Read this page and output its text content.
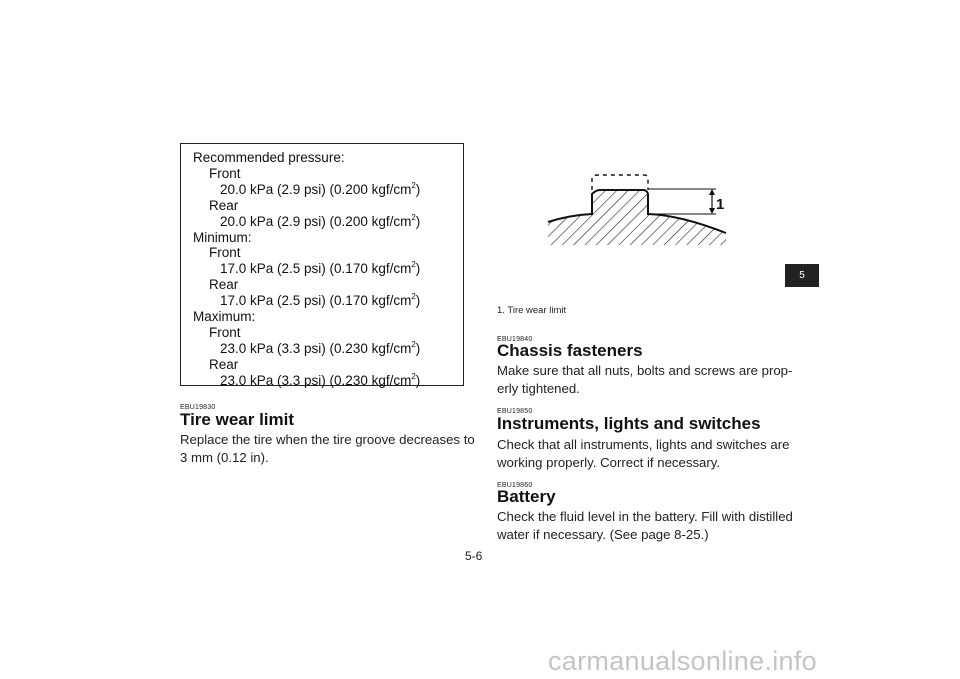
Recommended pressure:
Front
20.0 kPa (2.9 psi) (0.200 kgf/$cm^2$)
Rear
20.0 kPa (2.9 psi) (0.200 kgf/$cm^2$)
Minimum:
Front
17.0 kPa (2.5 psi) (0.170 kgf/$cm^2$)
Rear
17.0 kPa (2.5 psi) (0.170 kgf/$cm^2$)
Maximum:
Front
23.0 kPa (3.3 psi) (0.230 kgf/$cm^2$)
Rear
23.0 kPa (3.3 psi) (0.230 kgf/$cm^2$)
EBU19830
Tire wear limit
Replace the tire when the tire groove decreases to
3 mm (0.12 in).
1
1. Tire wear limit
EBU19840
Chassis fasteners
Make sure that all nuts, bolts and screws are prop-
erly tightened.
EBU19850
Instruments, lights and switches
Check that all instruments, lights and switches are
working properly. Correct if necessary.
EBU19860
Battery
Check the fluid level in the battery. Fill with distilled
water if necessary. (See page 8-25.)
5
5-6
carmanualsonline.info
